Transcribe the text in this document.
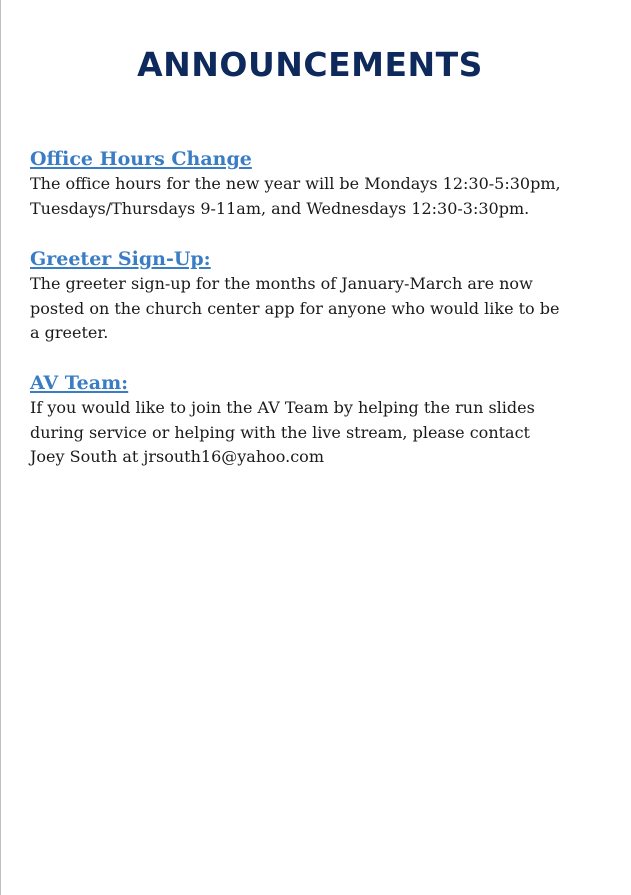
ANNOUNCEMENTS
Office Hours Change

The office hours for the new year will be Mondays 12:30-5:30pm,
Tuesdays/Thursdays 9-11am, and Wednesdays 12:30-3:30pm.

Greeter Sign-Up:

The greeter sign-up for the months of January-March are now
posted on the church center app for anyone who would like to be
a greeter.

AV Team:

If you would like to join the AV Team by helping the run slides
during service or helping with the live stream, please contact
Joey South at jrsouth16@yahoo.com
